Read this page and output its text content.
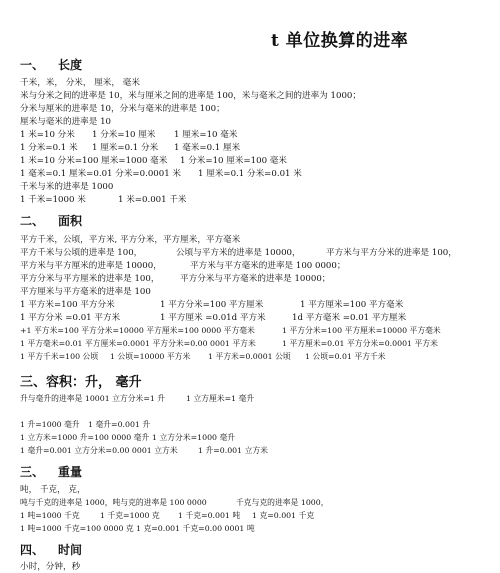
t 单位换算的进率
一、 长度
千米，米， 分米， 厘米， 毫米
米与分米之间的进率是 10，米与厘米之间的进率是 100，米与毫米之间的进率为 1000；
分米与厘米的进率是 10，分米与毫米的进率是 100；
厘米与毫米的进率是 10
1 米=10 分米 1 分米=10 厘米 1 厘米=10 毫米
1 分米=0.1 米 1 厘米=0.1 分米 1 毫米=0.1 厘米
1 米=10 分米=100 厘米=1000 毫米 1 分米=10 厘米=100 毫米
1 毫米=0.1 厘米=0.01 分米=0.0001 米 1 厘米=0.1 分米=0.01 米
千米与米的进率是 1000
1 千米=1000 米	1 米=0.001 千米
二、 面积
平方千米，公顷，平方米, 平方分米，平方厘米，平方毫米
平方千米与公顷的进率是 100，	公顷与平方米的进率是 10000，	平方米与平方分米的进率是 100，
平方米与平方厘米的进率是 10000，	平方米与平方毫米的进率是 100 0000；
平方分米与平方厘米的进率是 100， 平方分米与平方毫米的进率是 10000；
平方厘米与平方毫米的进率是 100
1 平方米=100 平方分米	1 平方分米=100 平方厘米	1 平方厘米=100 平方毫米
1 平方分米 =0.01 平方米	1 平方厘米 =0.01d 平方米	1d 平方毫米 =0.01 平方厘米
+1 平方米=100 平方分米=10000 平方厘米=100 0000 平方毫米	1 平方分米=100 平方厘米=10000 平方毫米
1 平方毫米=0.01 平方厘米=0.0001 平方分米=0.00 0001 平方米	1 平方厘米=0.01 平方分米=0.0001 平方米
1 平方千米=100 公顷 1 公顷=10000 平方米 1 平方米=0.0001 公顷 1 公顷=0.01 平方千米
三、容积：升， 毫升
升与毫升的进率是 10001 立方分米=1 升	1 立方厘米=1 毫升
1 升=1000 毫升 1 毫升=0.001 升
1 立方米=1000 升=100 0000 毫升 1 立方分米=1000 毫升
1 毫升=0.001 立方分米=0.00 0001 立方米	1 升=0.001 立方米
三、 重量
吨， 千克， 克，
吨与千克的进率是 1000，吨与克的进率是 100 0000	千克与克的进率是 1000，
1 吨=1000 千克	1 千克=1000 克 1 千克=0.001 吨 1 克=0.001 千克
1 吨=1000 千克=100 0000 克 1 克=0.001 千克=0.00 0001 吨
四、 时间
小时，分钟，秒
